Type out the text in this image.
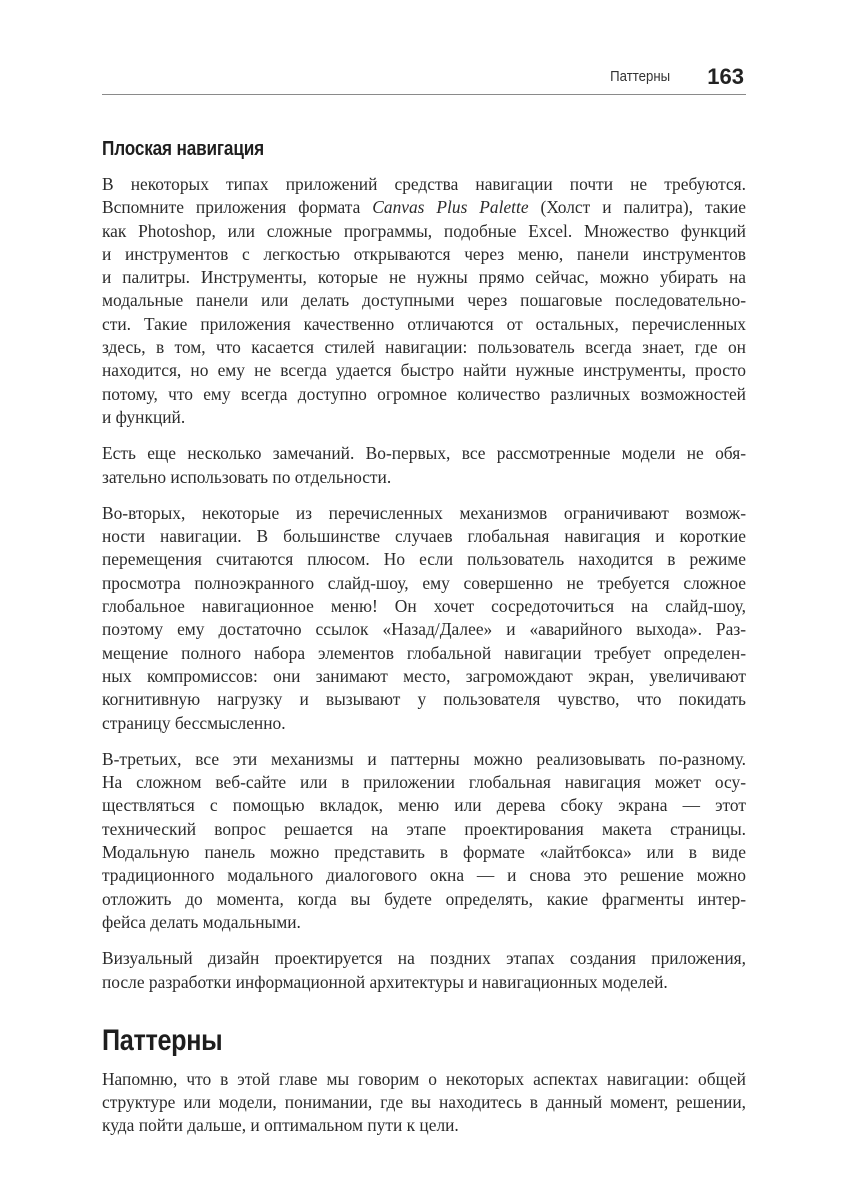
Паттерны 163
Плоская навигация
В некоторых типах приложений средства навигации почти не требуются.
Вспомните приложения формата Canvas Plus Palette (Холст и палитра), такие
как Photoshop, или сложные программы, подобные Excel. Множество функций
и инструментов с легкостью открываются через меню, панели инструментов
и палитры. Инструменты, которые не нужны прямо сейчас, можно убирать на
модальные панели или делать доступными через пошаговые последовательно-
сти. Такие приложения качественно отличаются от остальных, перечисленных
здесь, в том, что касается стилей навигации: пользователь всегда знает, где он
находится, но ему не всегда удается быстро найти нужные инструменты, просто
потому, что ему всегда доступно огромное количество различных возможностей
и функций.
Есть еще несколько замечаний. Во-первых, все рассмотренные модели не обя-
зательно использовать по отдельности.
Во-вторых, некоторые из перечисленных механизмов ограничивают возмож-
ности навигации. В большинстве случаев глобальная навигация и короткие
перемещения считаются плюсом. Но если пользователь находится в режиме
просмотра полноэкранного слайд-шоу, ему совершенно не требуется сложное
глобальное навигационное меню! Он хочет сосредоточиться на слайд-шоу,
поэтому ему достаточно ссылок «Назад/Далее» и «аварийного выхода». Раз-
мещение полного набора элементов глобальной навигации требует определен-
ных компромиссов: они занимают место, загромождают экран, увеличивают
когнитивную нагрузку и вызывают у пользователя чувство, что покидать
страницу бессмысленно.
В-третьих, все эти механизмы и паттерны можно реализовывать по-разному.
На сложном веб-сайте или в приложении глобальная навигация может осу-
ществляться с помощью вкладок, меню или дерева сбоку экрана — этот
технический вопрос решается на этапе проектирования макета страницы.
Модальную панель можно представить в формате «лайтбокса» или в виде
традиционного модального диалогового окна — и снова это решение можно
отложить до момента, когда вы будете определять, какие фрагменты интер-
фейса делать модальными.
Визуальный дизайн проектируется на поздних этапах создания приложения,
после разработки информационной архитектуры и навигационных моделей.
Паттерны
Напомню, что в этой главе мы говорим о некоторых аспектах навигации: общей
структуре или модели, понимании, где вы находитесь в данный момент, решении,
куда пойти дальше, и оптимальном пути к цели.
